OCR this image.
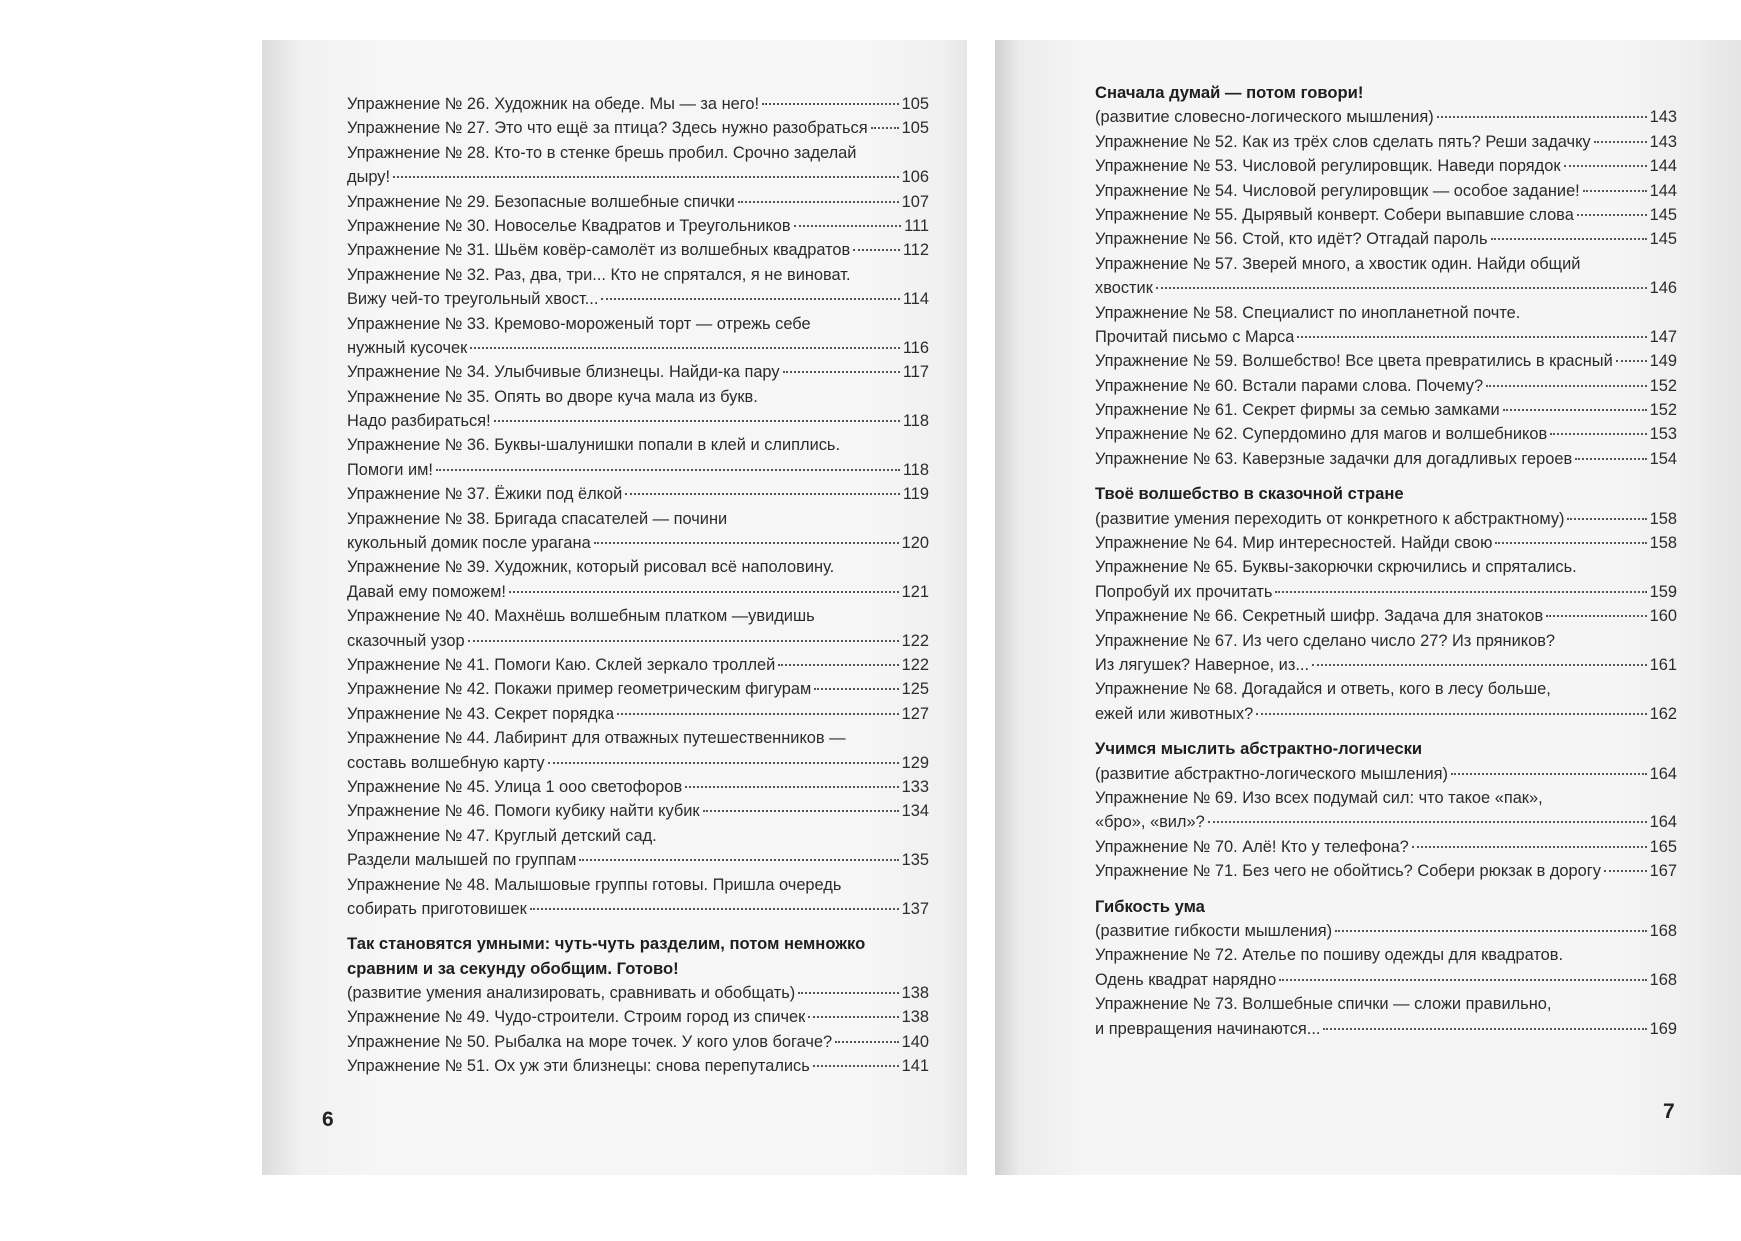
Упражнение № 26. Художник на обеде. Мы — за него!	105
Упражнение № 27. Это что ещё за птица? Здесь нужно разобраться 105
Упражнение № 28. Кто-то в стенке брешь пробил. Срочно заделай
дыру!	106
Упражнение № 29. Безопасные волшебные спички	107
Упражнение № 30. Новоселье Квадратов и Треугольников	111
Упражнение № 31. Шьём ковёр-самолёт из волшебных квадратов	112
Упражнение № 32. Раз, два, три... Кто не спрятался, я не виноват.
Вижу чей-то треугольный хвост...	114
Упражнение № 33. Кремово-мороженый торт — отрежь себе
нужный кусочек	116
Упражнение № 34. Улыбчивые близнецы. Найди-ка пару	117
Упражнение № 35. Опять во дворе куча мала из букв.
Надо разбираться!	118
Упражнение № 36. Буквы-шалунишки попали в клей и слиплись.
Помоги им!	118
Упражнение № 37. Ёжики под ёлкой	119
Упражнение № 38. Бригада спасателей — почини
кукольный домик после урагана	120
Упражнение № 39. Художник, который рисовал всё наполовину.
Давай ему поможем!	121
Упражнение № 40. Махнёшь волшебным платком —увидишь
сказочный узор	122
Упражнение № 41. Помоги Каю. Склей зеркало троллей	122
Упражнение № 42. Покажи пример геометрическим фигурам	125
Упражнение № 43. Секрет порядка	127
Упражнение № 44. Лабиринт для отважных путешественников —
составь волшебную карту	129
Упражнение № 45. Улица 1 ооо светофоров	133
Упражнение № 46. Помоги кубику найти кубик	134
Упражнение № 47. Круглый детский сад.
Раздели малышей по группам	135
Упражнение № 48. Малышовые группы готовы. Пришла очередь
собирать приготовишек	137
Так становятся умными: чуть-чуть разделим, потом немножко
сравним и за секунду обобщим. Готово!
(развитие умения анализировать, сравнивать и обобщать)	138
Упражнение № 49. Чудо-строители. Строим город из спичек	138
Упражнение № 50. Рыбалка на море точек. У кого улов богаче?	140
Упражнение № 51. Ох уж эти близнецы: снова перепутались	141
6
Сначала думай — потом говори!
(развитие словесно-логического мышления)	143
Упражнение № 52. Как из трёх слов сделать пять? Реши задачку	143
Упражнение № 53. Числовой регулировщик. Наведи порядок	144
Упражнение № 54. Числовой регулировщик — особое задание!	144
Упражнение № 55. Дырявый конверт. Собери выпавшие слова	145
Упражнение № 56. Стой, кто идёт? Отгадай пароль	145
Упражнение № 57. Зверей много, а хвостик один. Найди общий
хвостик	146
Упражнение № 58. Специалист по инопланетной почте.
Прочитай письмо с Марса	147
Упражнение № 59. Волшебство! Все цвета превратились в красный 149
Упражнение № 60. Встали парами слова. Почему?	152
Упражнение № 61. Секрет фирмы за семью замками	152
Упражнение № 62. Супердомино для магов и волшебников	153
Упражнение № 63. Каверзные задачки для догадливых героев	154
Твоё волшебство в сказочной стране
(развитие умения переходить от конкретного к абстрактному)	158
Упражнение № 64. Мир интересностей. Найди свою	158
Упражнение № 65. Буквы-закорючки скрючились и спрятались.
Попробуй их прочитать	159
Упражнение № 66. Секретный шифр. Задача для знатоков	160
Упражнение № 67. Из чего сделано число 27? Из пряников?
Из лягушек? Наверное, из...	161
Упражнение № 68. Догадайся и ответь, кого в лесу больше,
ежей или животных?	162
Учимся мыслить абстрактно-логически
(развитие абстрактно-логического мышления)	164
Упражнение № 69. Изо всех подумай сил: что такое «пак»,
«бро», «вил»?	164
Упражнение № 70. Алё! Кто у телефона?	165
Упражнение № 71. Без чего не обойтись? Собери рюкзак в дорогу	167
Гибкость ума
(развитие гибкости мышления)	168
Упражнение № 72. Ателье по пошиву одежды для квадратов.
Одень квадрат нарядно	168
Упражнение № 73. Волшебные спички — сложи правильно,
и превращения начинаются...	169
7
